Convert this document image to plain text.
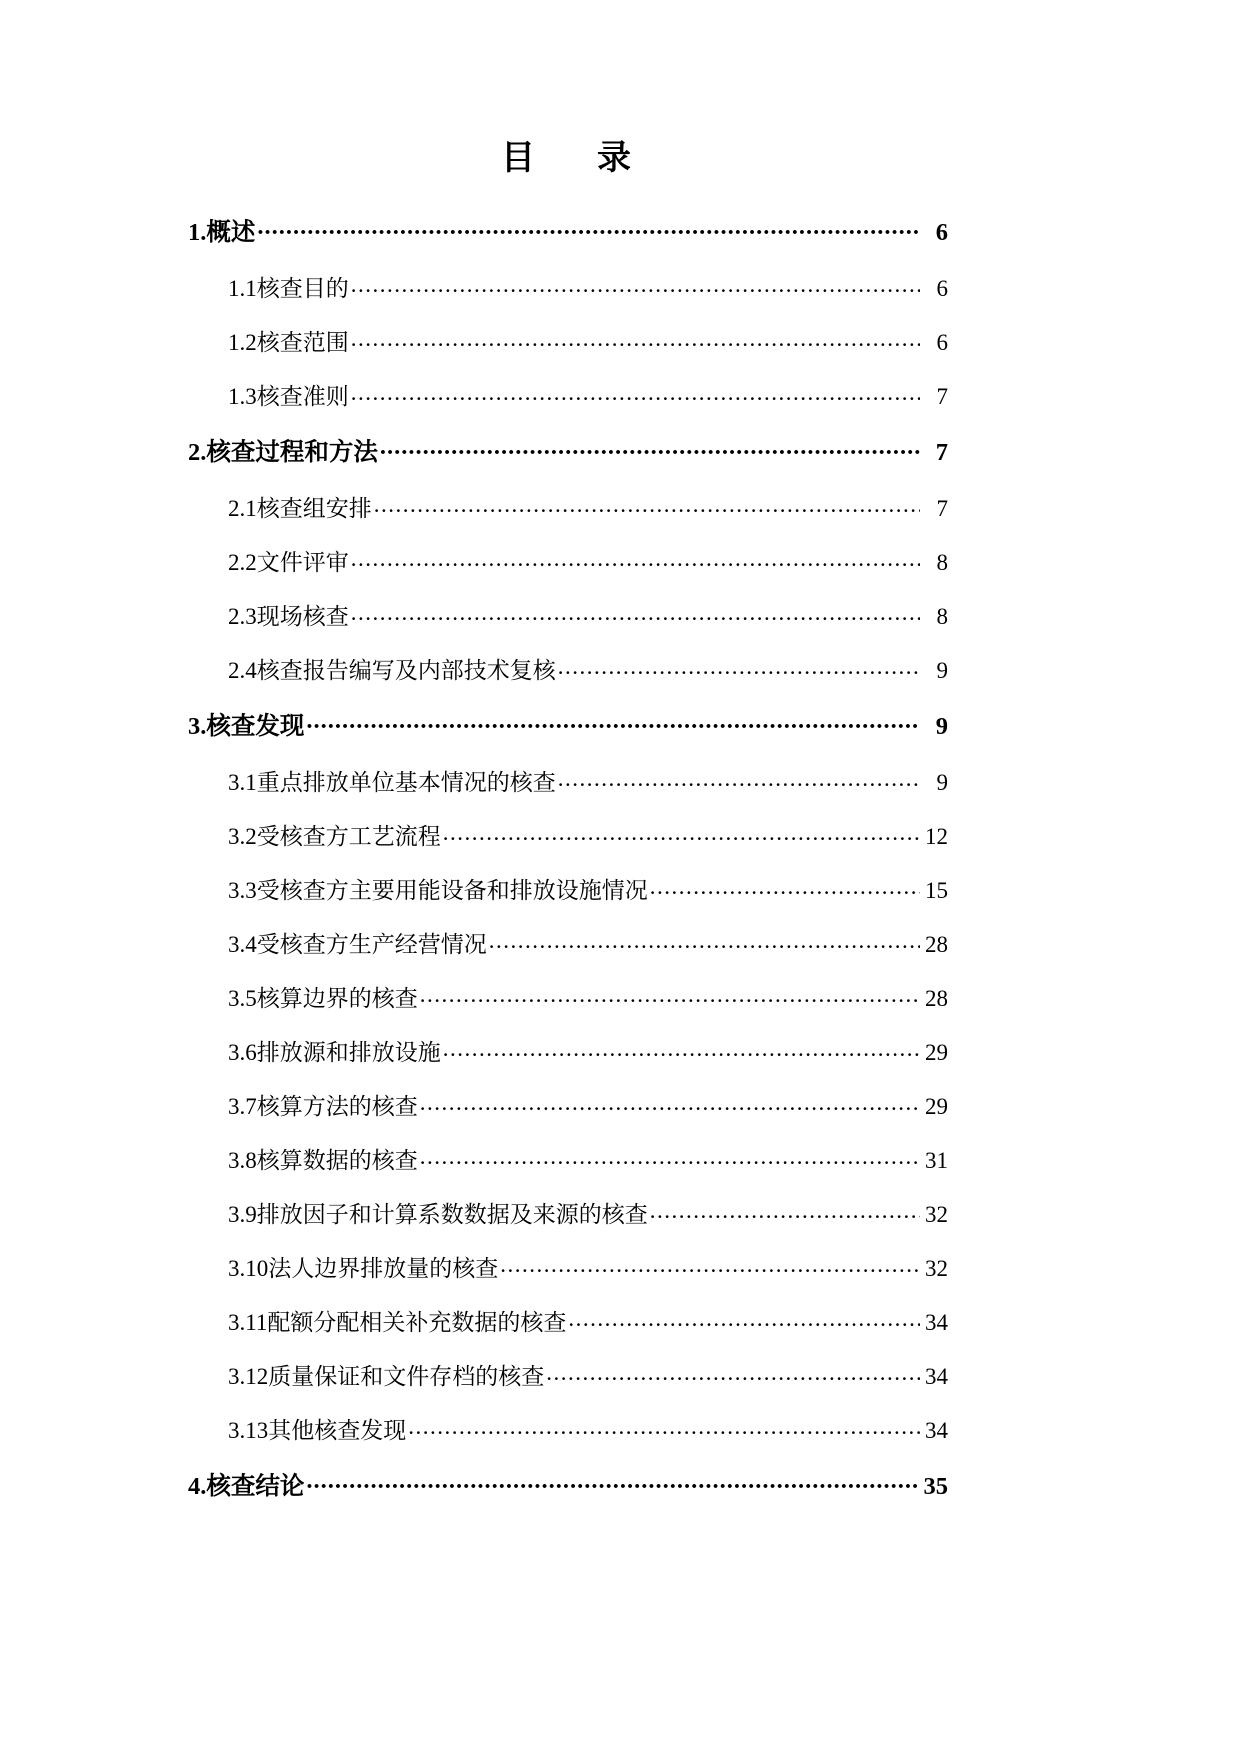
目　录
1.概述 .....	6
1.1核查目的 .....	6
1.2核查范围 .....	6
1.3核查准则 .....	7
2.核查过程和方法 .....	7
2.1核查组安排 .....	7
2.2文件评审 .....	8
2.3现场核查 .....	8
2.4核查报告编写及内部技术复核 .....	9
3.核查发现 .....	9
3.1重点排放单位基本情况的核查 .....	9
3.2受核查方工艺流程 .....	12
3.3受核查方主要用能设备和排放设施情况 .....	15
3.4受核查方生产经营情况 .....	28
3.5核算边界的核查 .....	28
3.6排放源和排放设施 .....	29
3.7核算方法的核查 .....	29
3.8核算数据的核查 .....	31
3.9排放因子和计算系数数据及来源的核查 .....	32
3.10法人边界排放量的核查 .....	32
3.11配额分配相关补充数据的核查 .....	34
3.12质量保证和文件存档的核查 .....	34
3.13其他核查发现 .....	34
4.核查结论 .....	35
